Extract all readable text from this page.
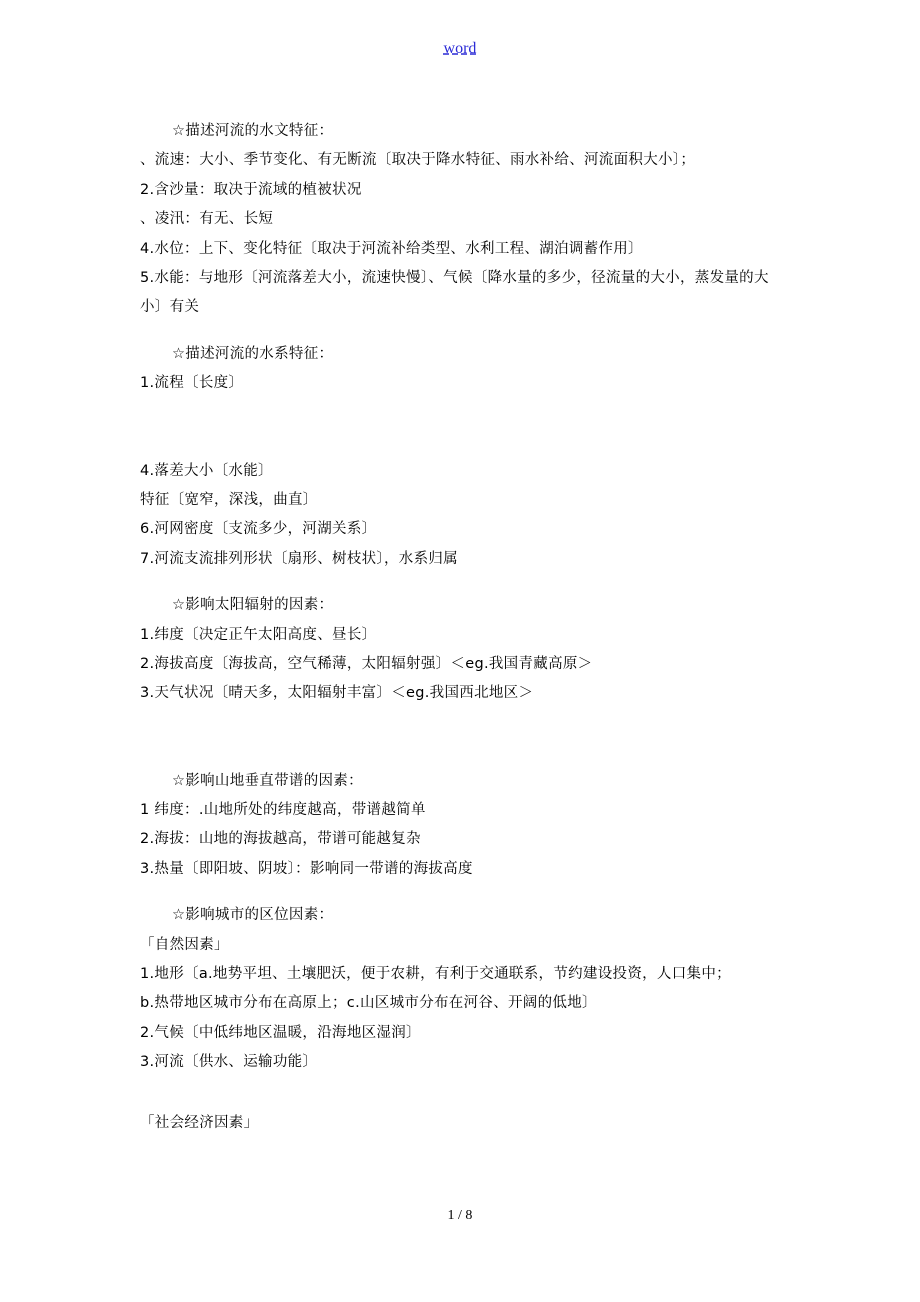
word
☆描述河流的水文特征：
、流速：大小、季节变化、有无断流〔取决于降水特征、雨水补给、河流面积大小〕；
2.含沙量：取决于流域的植被状况
、凌汛：有无、长短
4.水位：上下、变化特征〔取决于河流补给类型、水利工程、湖泊调蓄作用〕
5.水能：与地形〔河流落差大小，流速快慢〕、气候〔降水量的多少，径流量的大小，蒸发量的大小〕有关
☆描述河流的水系特征：
1.流程〔长度〕
4.落差大小〔水能〕
特征〔宽窄，深浅，曲直〕
6.河网密度〔支流多少，河湖关系〕
7.河流支流排列形状〔扇形、树枝状〕，水系归属
☆影响太阳辐射的因素：
1.纬度〔决定正午太阳高度、昼长〕
2.海拔高度〔海拔高，空气稀薄，太阳辐射强〕＜eg.我国青藏高原＞
3.天气状况〔晴天多，太阳辐射丰富〕＜eg.我国西北地区＞
☆影响山地垂直带谱的因素：
1 纬度：.山地所处的纬度越高，带谱越简单
2.海拔：山地的海拔越高，带谱可能越复杂
3.热量〔即阳坡、阴坡〕：影响同一带谱的海拔高度
☆影响城市的区位因素：
「自然因素」
1.地形〔a.地势平坦、土壤肥沃，便于农耕，有利于交通联系，节约建设投资，人口集中；
b.热带地区城市分布在高原上；c.山区城市分布在河谷、开阔的低地〕
2.气候〔中低纬地区温暖，沿海地区湿润〕
3.河流〔供水、运输功能〕
「社会经济因素」
1 / 8
